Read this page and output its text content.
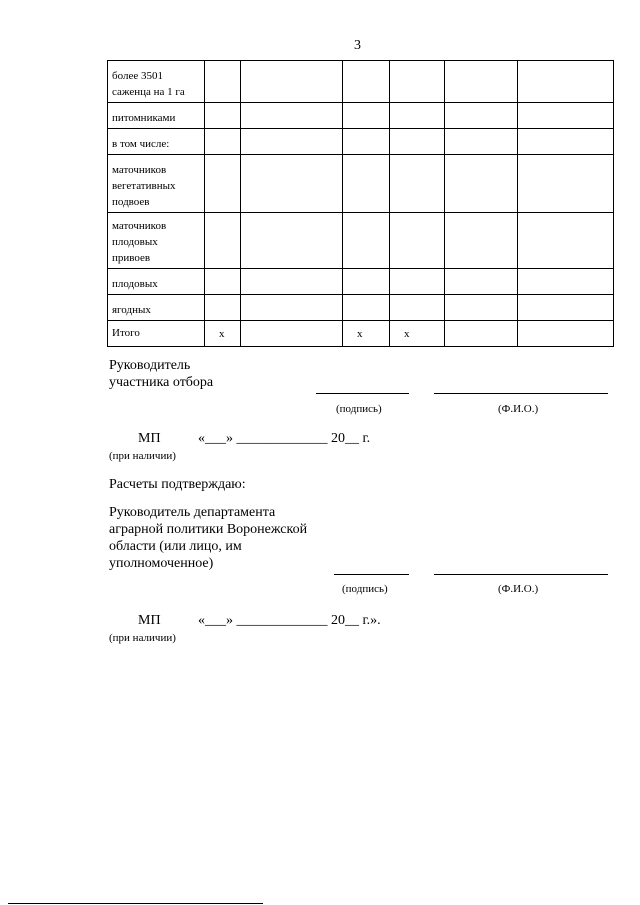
3
более 3501
саженца на 1 га						

питомниками						

в том числе:						

маточников
вегетативных
подвоев						

маточников
плодовых
привоев						

плодовых						

ягодных						

Итого	x		x	x		
Руководитель
участника отбора
(подпись)	(Ф.И.О.)
МП	«___» _____________ 20__ г.
(при наличии)
Расчеты подтверждаю:
Руководитель департамента
аграрной политики Воронежской
области (или лицо, им
уполномоченное)
(подпись)	(Ф.И.О.)
МП	«___» _____________ 20__ г.».
(при наличии)
